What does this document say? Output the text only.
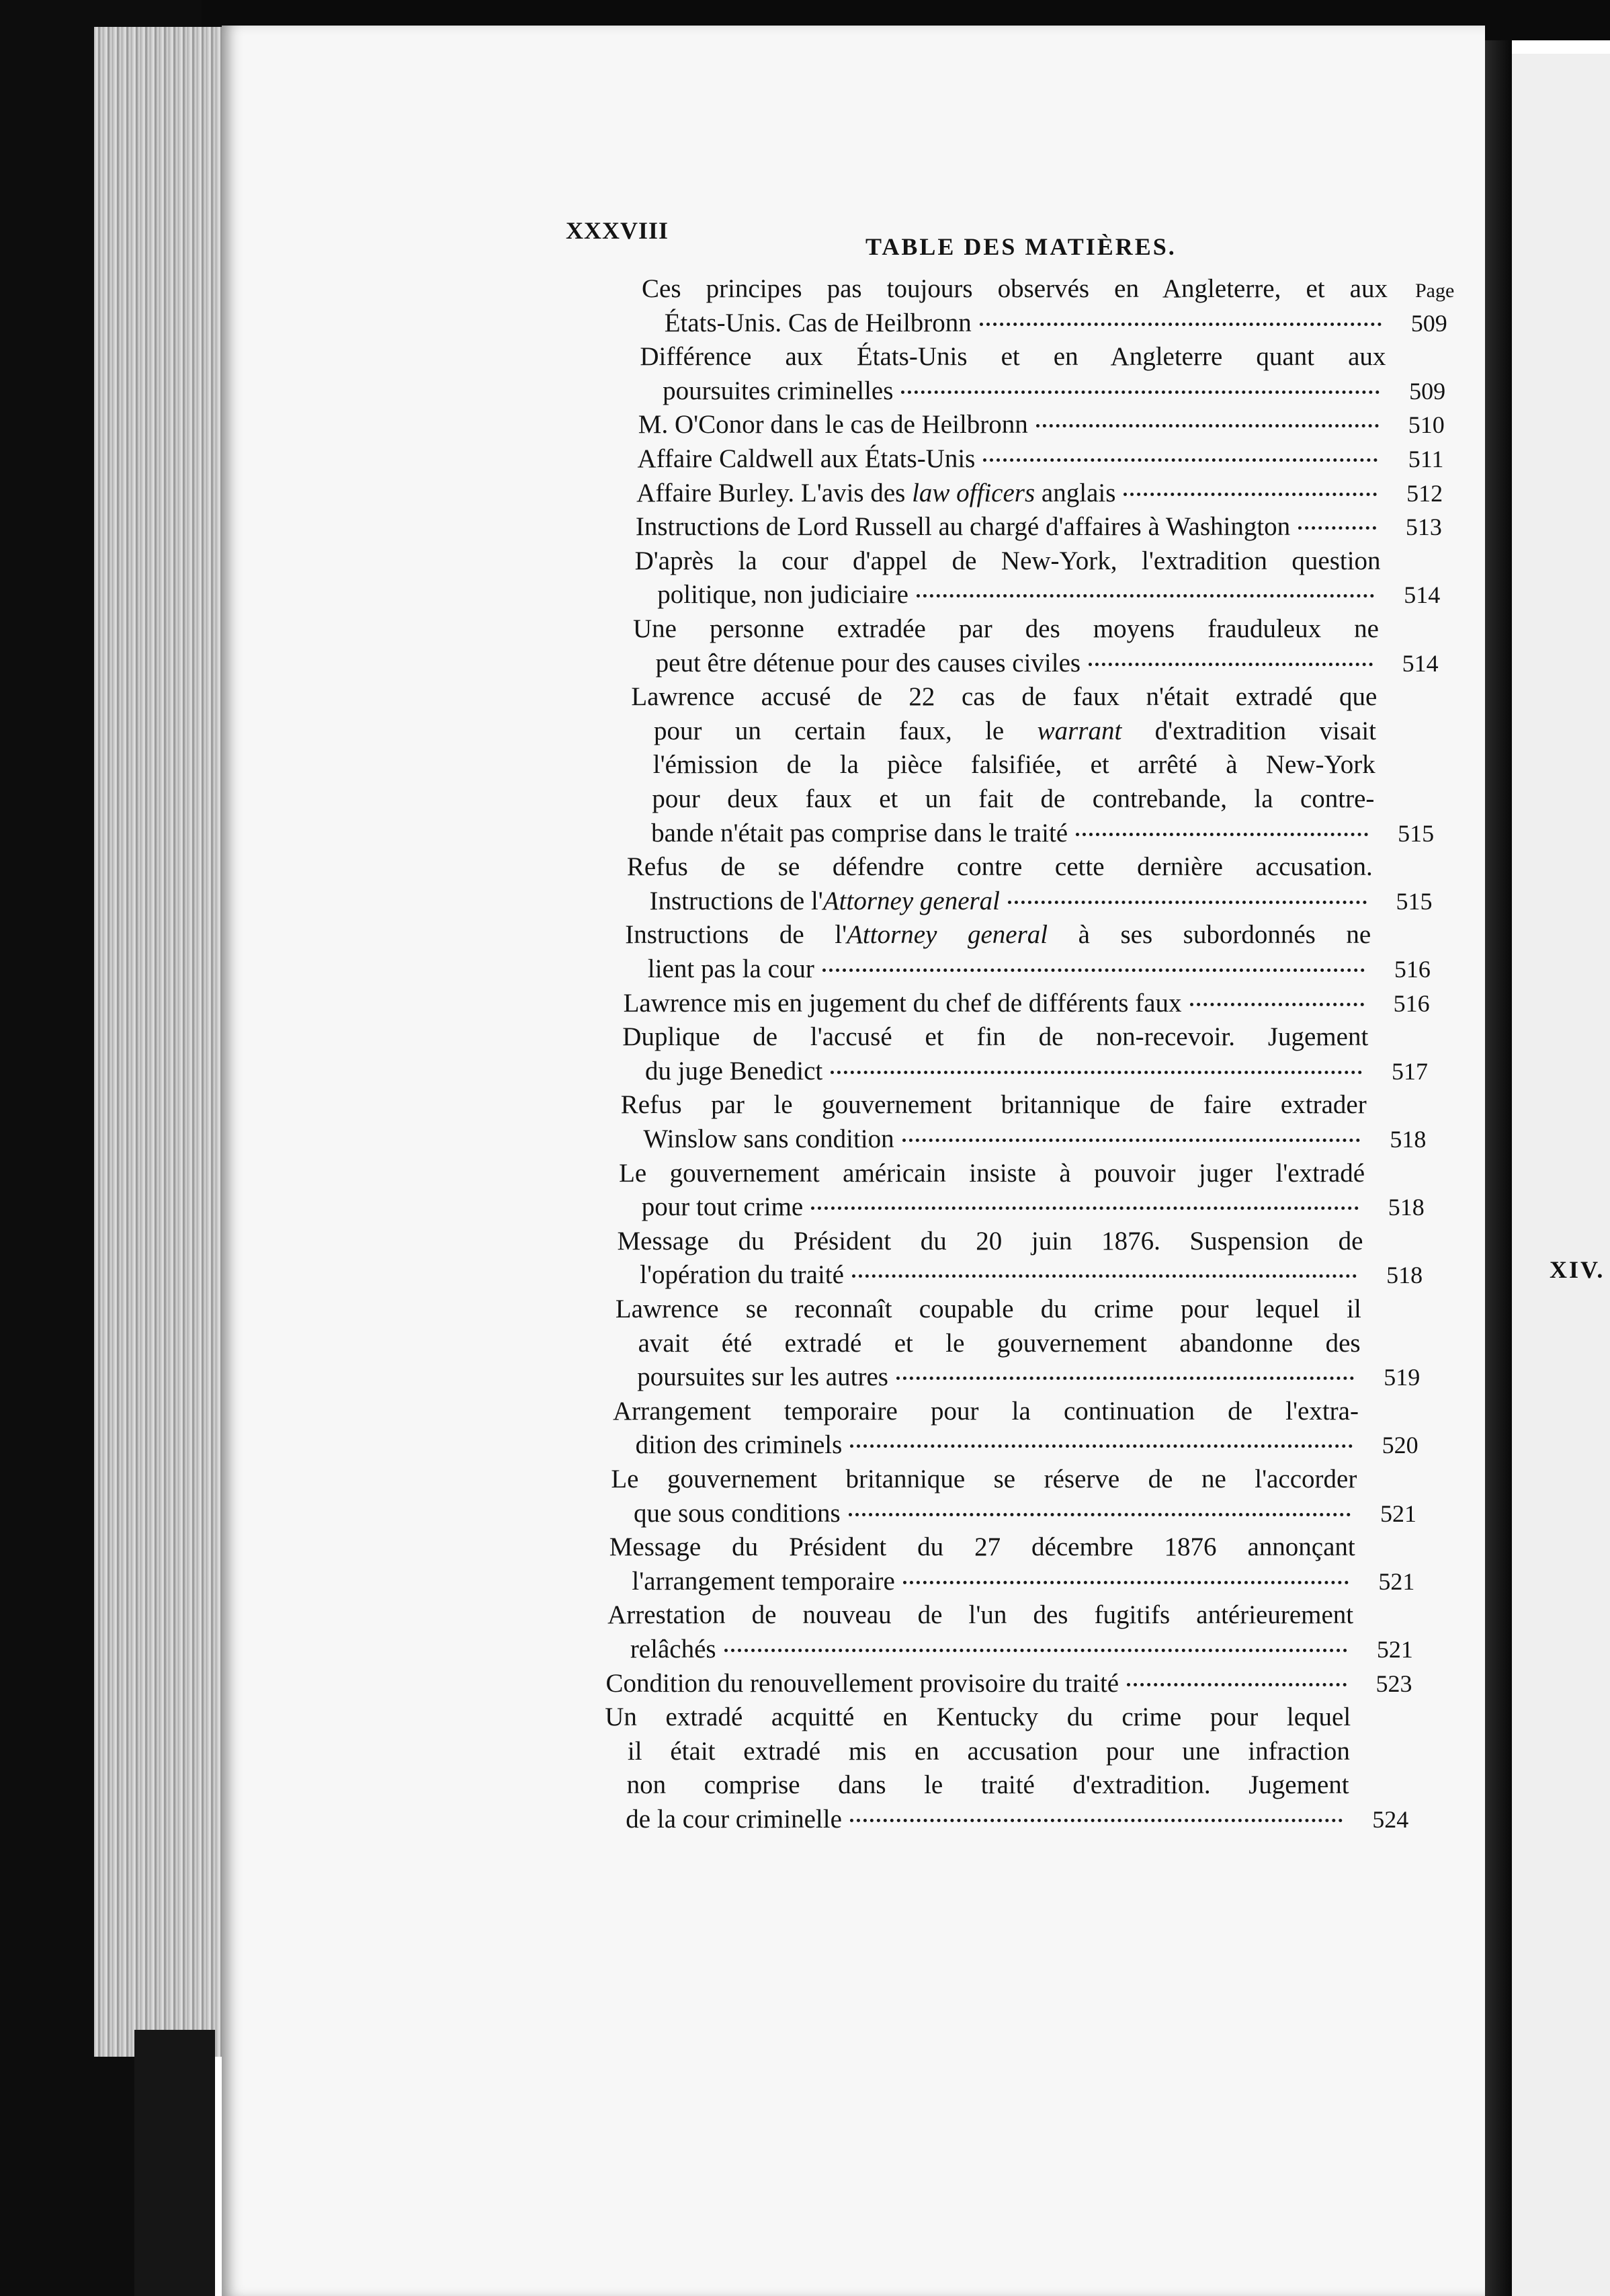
XIV.
XXXVIII
TABLE DES MATIÈRES.
Page
Ces principes pas toujours observés en Angleterre, et aux
509
États-Unis. Cas de Heilbronn
Différence aux États-Unis et en Angleterre quant aux
509
poursuites criminelles
510
M. O'Conor dans le cas de Heilbronn
511
Affaire Caldwell aux États-Unis
512
Affaire Burley. L'avis des law officers anglais
513
Instructions de Lord Russell au chargé d'affaires à Washington
D'après la cour d'appel de New-York, l'extradition question
514
politique, non judiciaire
Une personne extradée par des moyens frauduleux ne
514
peut être détenue pour des causes civiles
Lawrence accusé de 22 cas de faux n'était extradé que
pour un certain faux, le warrant d'extradition visait
l'émission de la pièce falsifiée, et arrêté à New-York
pour deux faux et un fait de contrebande, la contre-
515
bande n'était pas comprise dans le traité
Refus de se défendre contre cette dernière accusation.
515
Instructions de l'Attorney general
Instructions de l'Attorney general à ses subordonnés ne
516
lient pas la cour
516
Lawrence mis en jugement du chef de différents faux
Duplique de l'accusé et fin de non-recevoir. Jugement
517
du juge Benedict
Refus par le gouvernement britannique de faire extrader
518
Winslow sans condition
Le gouvernement américain insiste à pouvoir juger l'extradé
518
pour tout crime
Message du Président du 20 juin 1876. Suspension de
518
l'opération du traité
Lawrence se reconnaît coupable du crime pour lequel il
avait été extradé et le gouvernement abandonne des
519
poursuites sur les autres
Arrangement temporaire pour la continuation de l'extra-
520
dition des criminels
Le gouvernement britannique se réserve de ne l'accorder
521
que sous conditions
Message du Président du 27 décembre 1876 annonçant
521
l'arrangement temporaire
Arrestation de nouveau de l'un des fugitifs antérieurement
521
relâchés
523
Condition du renouvellement provisoire du traité
Un extradé acquitté en Kentucky du crime pour lequel
il était extradé mis en accusation pour une infraction
non comprise dans le traité d'extradition. Jugement
524
de la cour criminelle
